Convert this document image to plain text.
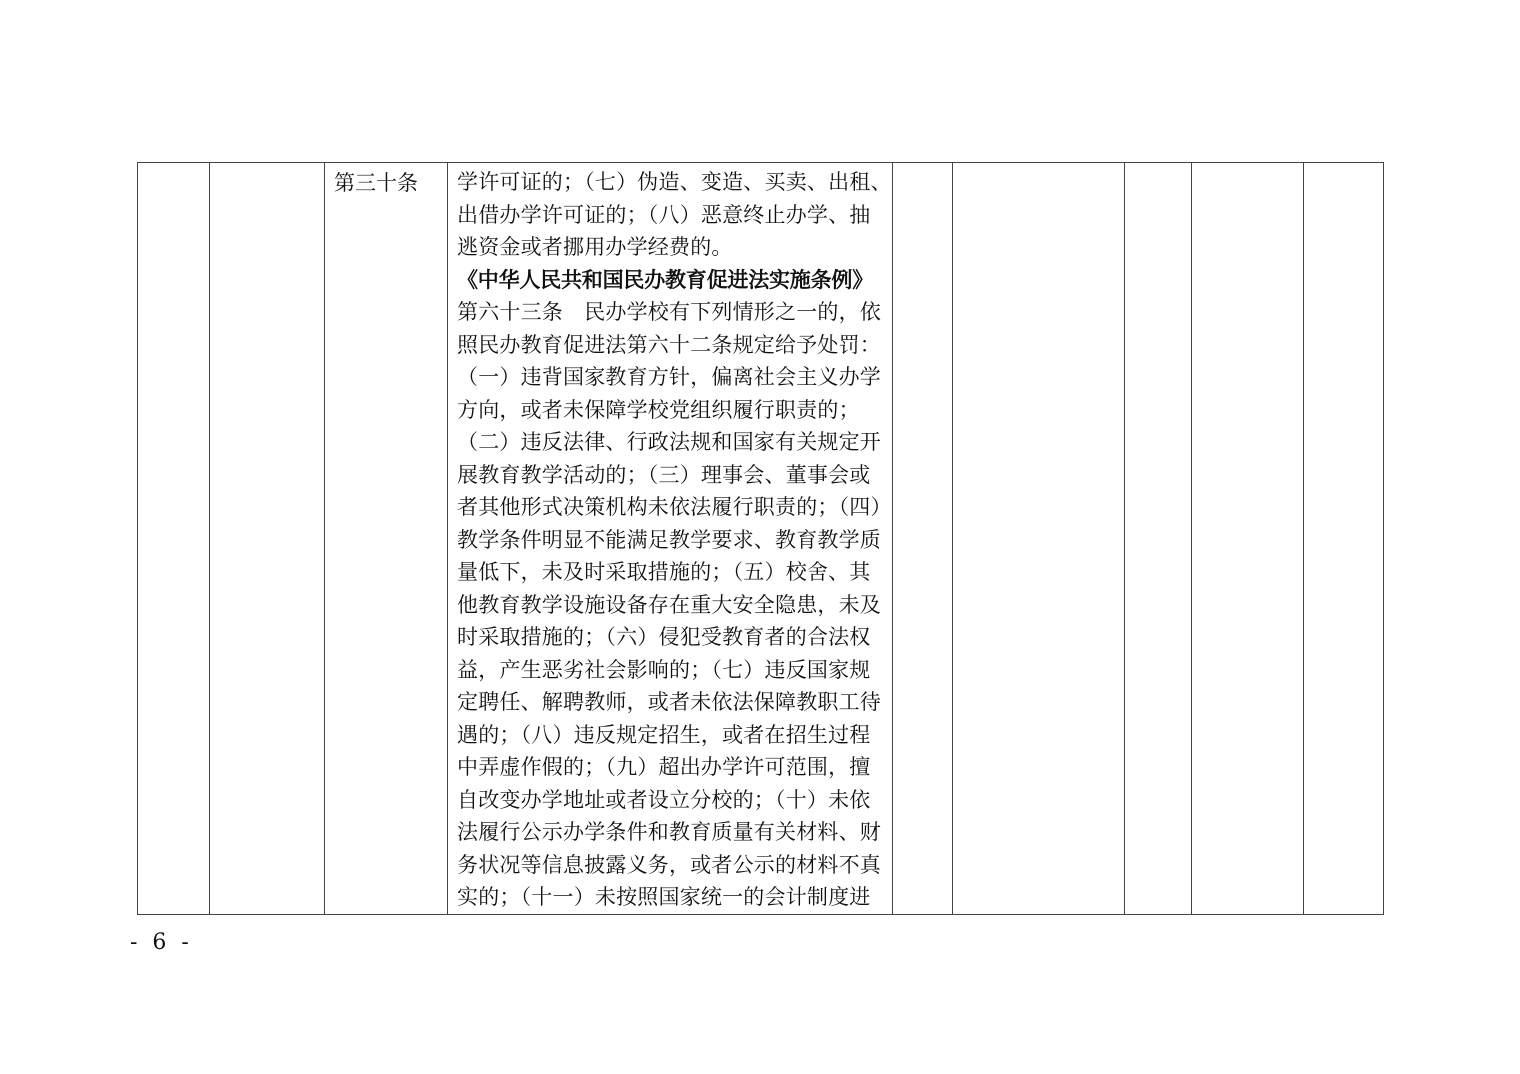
		第三十条	学许可证的；（七）伪造、变造、买卖、出租、
出借办学许可证的；（八）恶意终止办学、抽
逃资金或者挪用办学经费的。
《中华人民共和国民办教育促进法实施条例》
第六十三条　民办学校有下列情形之一的，依
照民办教育促进法第六十二条规定给予处罚：
（一）违背国家教育方针，偏离社会主义办学
方向，或者未保障学校党组织履行职责的；
（二）违反法律、行政法规和国家有关规定开
展教育教学活动的；（三）理事会、董事会或
者其他形式决策机构未依法履行职责的；（四）
教学条件明显不能满足教学要求、教育教学质
量低下，未及时采取措施的；（五）校舍、其
他教育教学设施设备存在重大安全隐患，未及
时采取措施的；（六）侵犯受教育者的合法权
益，产生恶劣社会影响的；（七）违反国家规
定聘任、解聘教师，或者未依法保障教职工待
遇的；（八）违反规定招生，或者在招生过程
中弄虚作假的；（九）超出办学许可范围，擅
自改变办学地址或者设立分校的；（十）未依
法履行公示办学条件和教育质量有关材料、财
务状况等信息披露义务，或者公示的材料不真
实的；（十一）未按照国家统一的会计制度进

- 6 -
